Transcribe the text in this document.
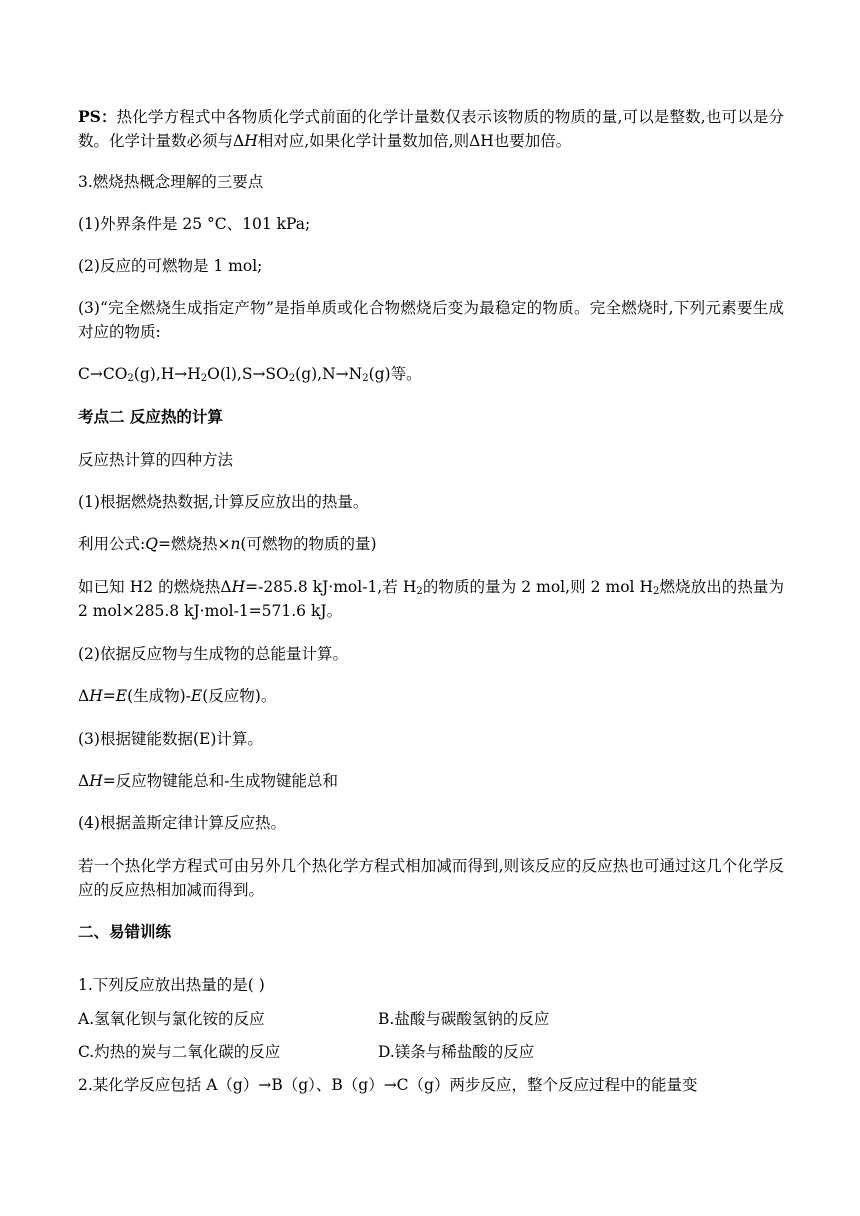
PS：热化学方程式中各物质化学式前面的化学计量数仅表示该物质的物质的量,可以是整数,也可以是分数。化学计量数必须与ΔH相对应,如果化学计量数加倍,则ΔH也要加倍。
3.燃烧热概念理解的三要点
(1)外界条件是 25 °C、101 kPa;
(2)反应的可燃物是 1 mol;
(3)“完全燃烧生成指定产物”是指单质或化合物燃烧后变为最稳定的物质。完全燃烧时,下列元素要生成对应的物质:
$C\to CO_2(g),H\to H_2O(l),S\to SO_2(g),N\to N_2(g)$等。
考点二 反应热的计算
反应热计算的四种方法
(1)根据燃烧热数据,计算反应放出的热量。
利用公式:Q=燃烧热×n(可燃物的物质的量)
如已知 H2 的燃烧热ΔH=-285.8 kJ·mol-1,若 $H_2$的物质的量为 2 mol,则 2 mol $H_2$燃烧放出的热量为 2 mol×285.8 kJ·mol-1=571.6 kJ。
(2)依据反应物与生成物的总能量计算。
ΔH=E(生成物)-E(反应物)。
(3)根据键能数据(E)计算。
ΔH=反应物键能总和-生成物键能总和
(4)根据盖斯定律计算反应热。
若一个热化学方程式可由另外几个热化学方程式相加减而得到,则该反应的反应热也可通过这几个化学反应的反应热相加减而得到。
二、易错训练
1.下列反应放出热量的是( )
A.氢氧化钡与氯化铵的反应	B.盐酸与碳酸氢钠的反应
C.灼热的炭与二氧化碳的反应	D.镁条与稀盐酸的反应
2.某化学反应包括 A（g）→B（g）、B（g）→C（g）两步反应，整个反应过程中的能量变
